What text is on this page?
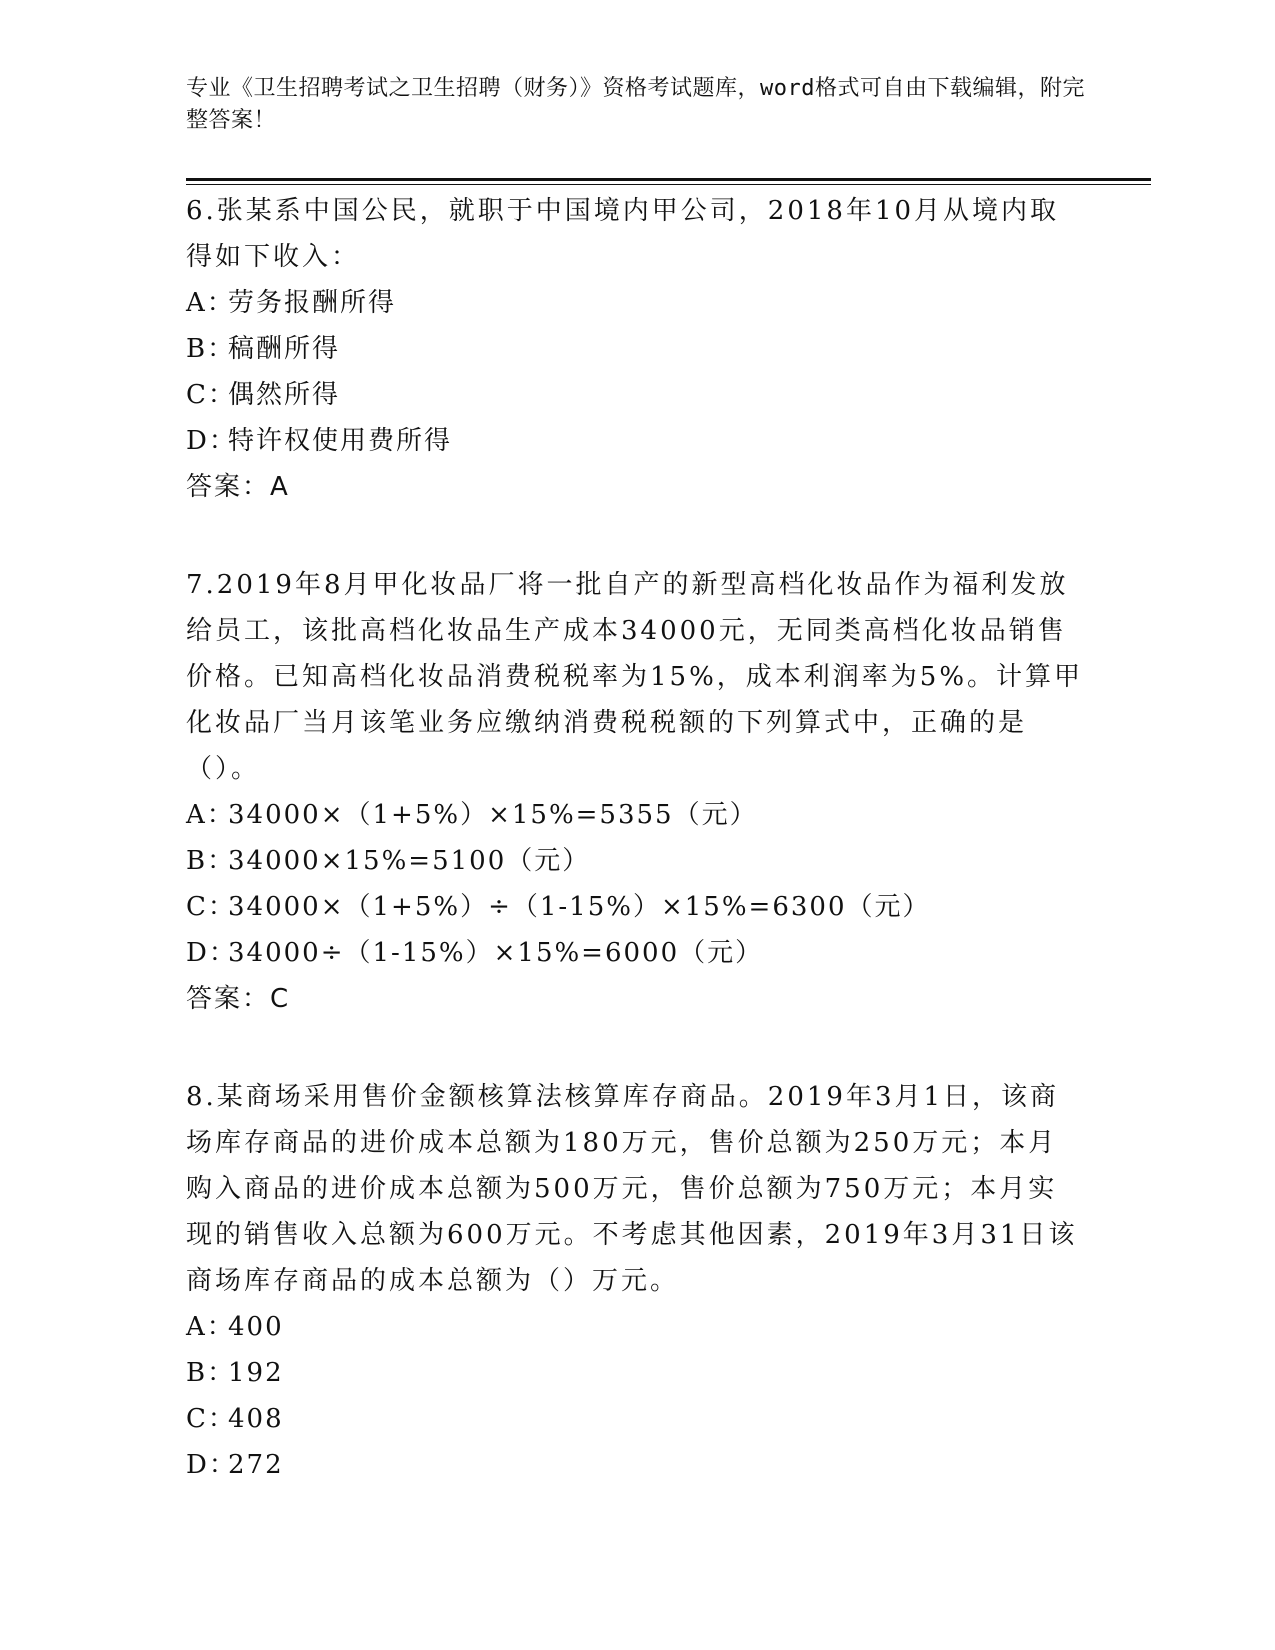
专业《卫生招聘考试之卫生招聘（财务）》资格考试题库，word格式可自由下载编辑，附完整答案！

6.张某系中国公民，就职于中国境内甲公司，2018年10月从境内取得如下收入：

A：劳务报酬所得

B：稿酬所得

C：偶然所得

D：特许权使用费所得

答案：A

7.2019年8月甲化妆品厂将一批自产的新型高档化妆品作为福利发放给员工，该批高档化妆品生产成本34000元，无同类高档化妆品销售价格。已知高档化妆品消费税税率为15%，成本利润率为5%。计算甲化妆品厂当月该笔业务应缴纳消费税税额的下列算式中，正确的是（）。

A：34000×（1+5%）×15%=5355（元）

B：34000×15%=5100（元）

C：34000×（1+5%）÷（1-15%）×15%=6300（元）

D：34000÷（1-15%）×15%=6000（元）

答案：C

8.某商场采用售价金额核算法核算库存商品。2019年3月1日，该商场库存商品的进价成本总额为180万元，售价总额为250万元；本月购入商品的进价成本总额为500万元，售价总额为750万元；本月实现的销售收入总额为600万元。不考虑其他因素，2019年3月31日该商场库存商品的成本总额为（）万元。

A：400

B：192

C：408

D：272
